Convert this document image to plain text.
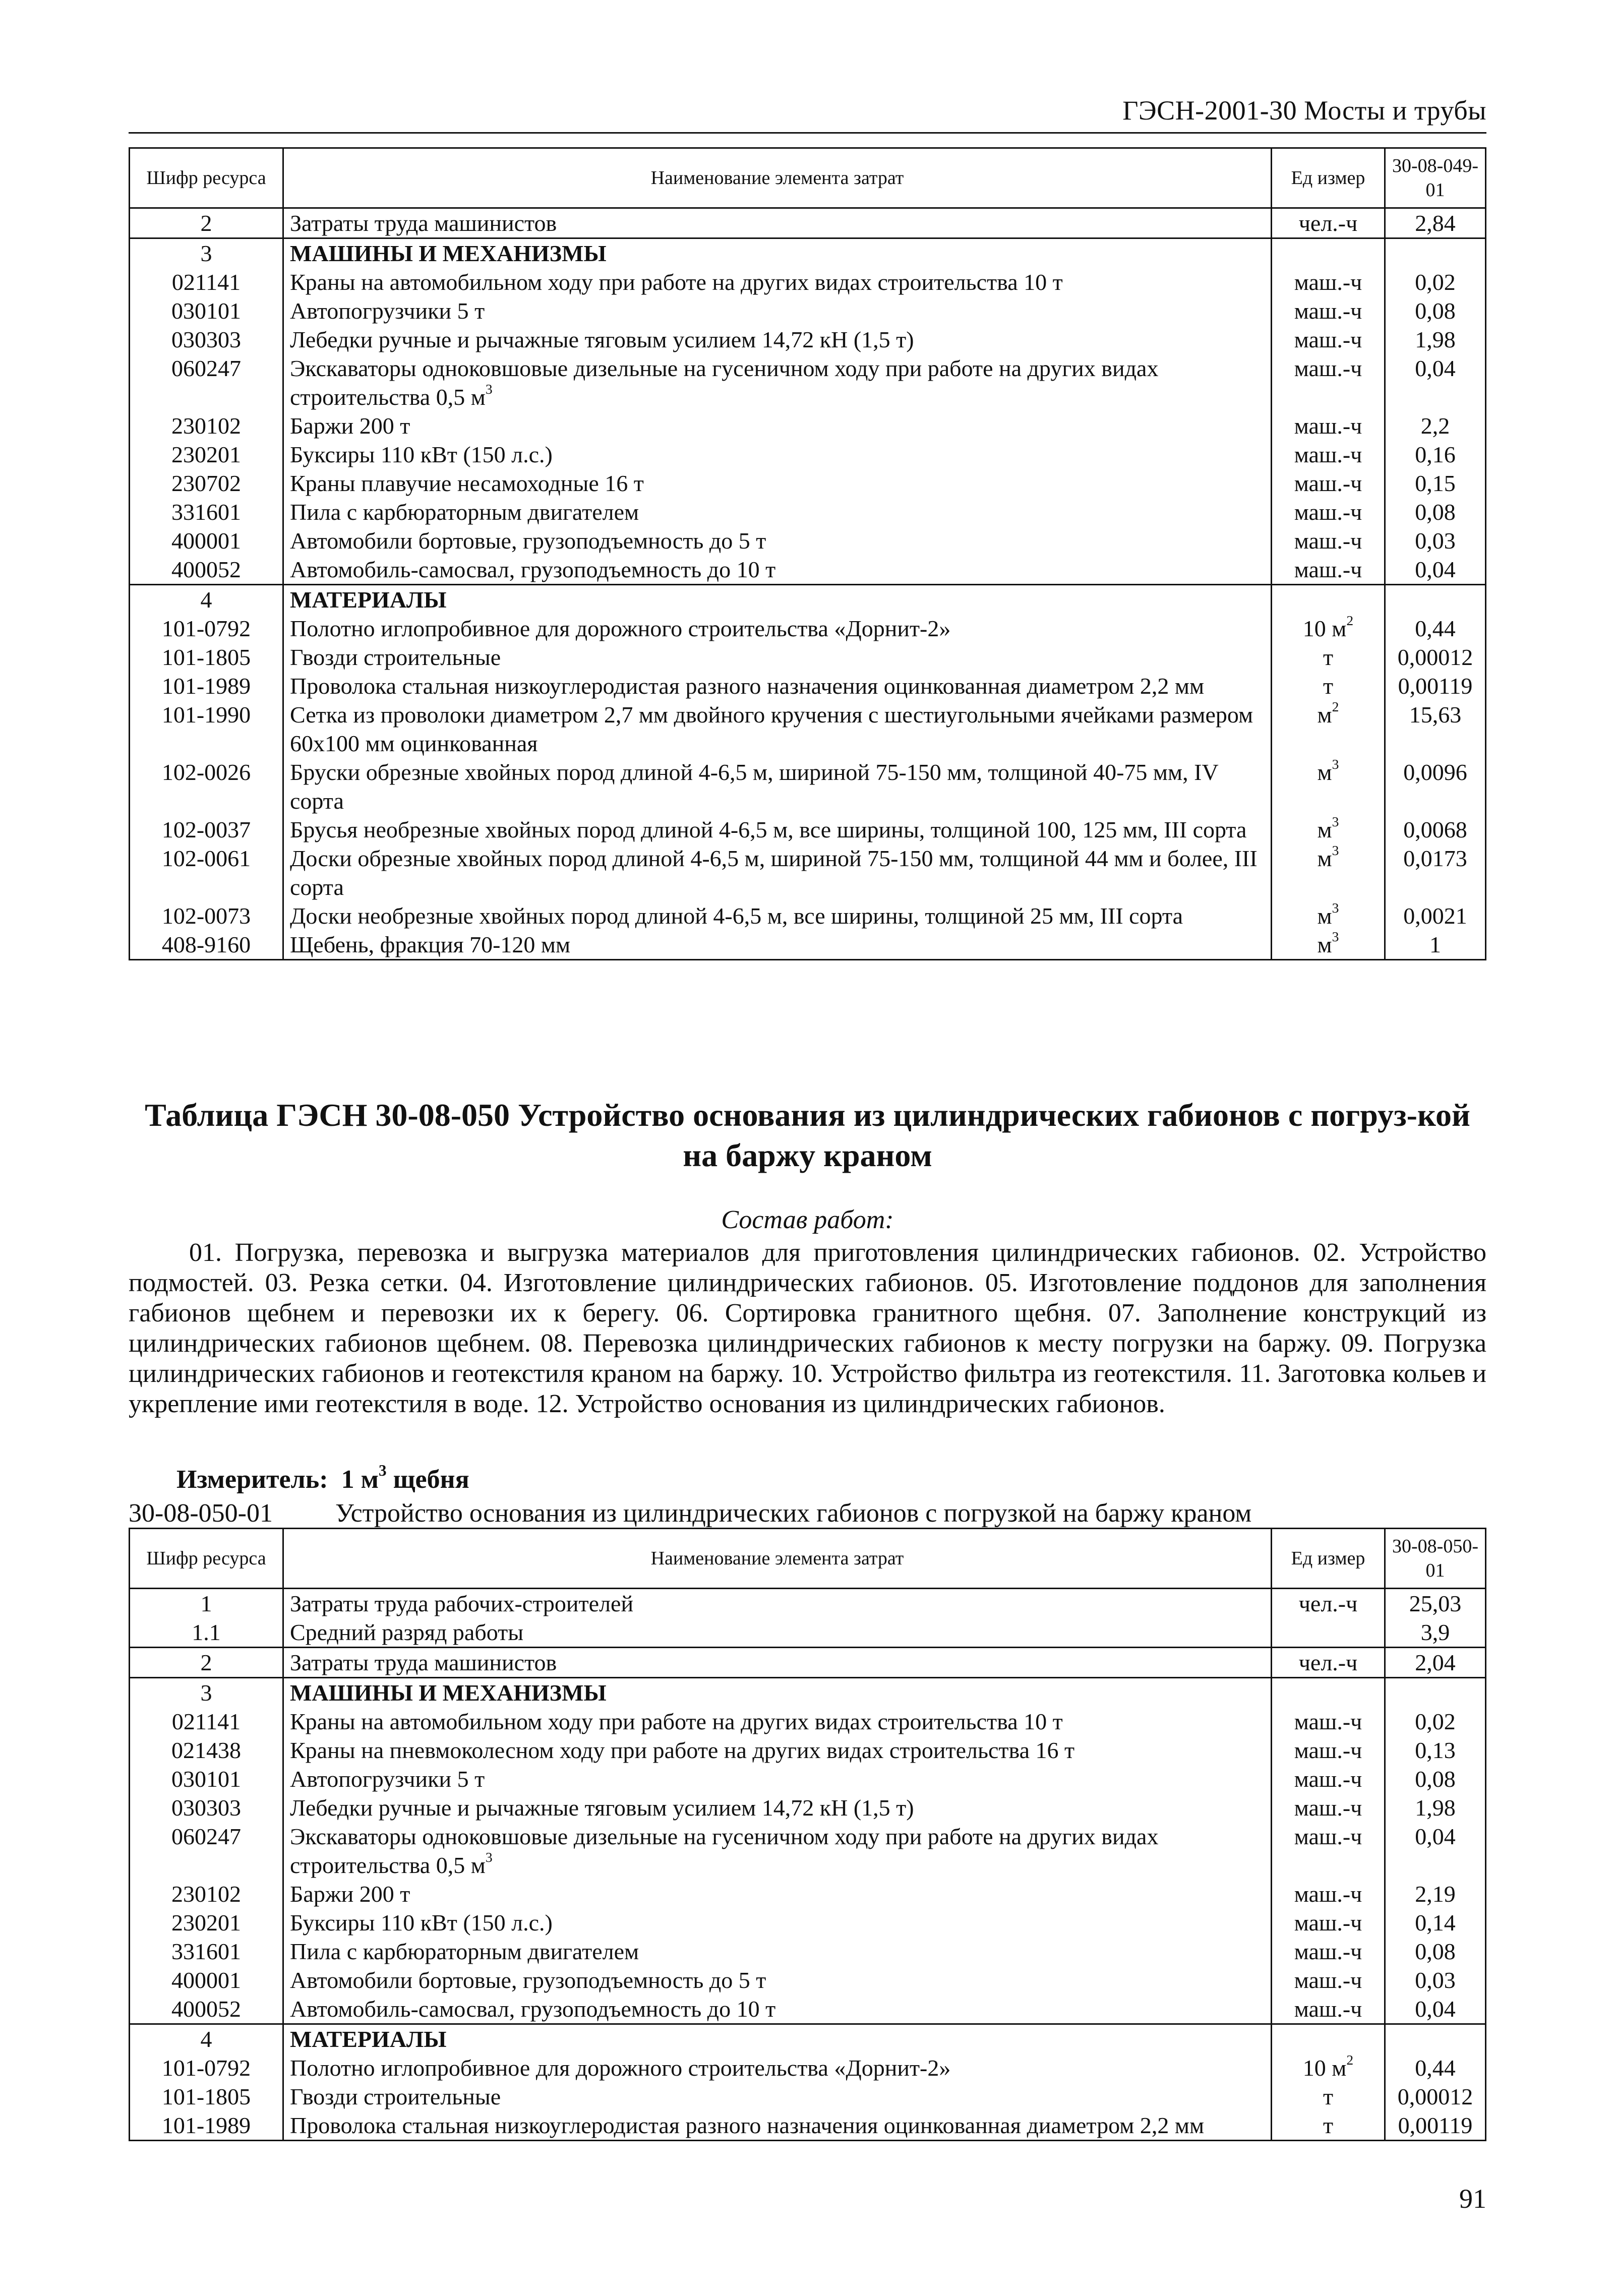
ГЭСН-2001-30 Мосты и трубы
Шифр ресурса	Наименование элемента затрат	Ед измер	30-08-049-01
2	Затраты труда машинистов	чел.-ч	2,84
3	МАШИНЫ И МЕХАНИЗМЫ		
021141	Краны на автомобильном ходу при работе на других видах строительства 10 т	маш.-ч	0,02
030101	Автопогрузчики 5 т	маш.-ч	0,08
030303	Лебедки ручные и рычажные тяговым усилием 14,72 кН (1,5 т)	маш.-ч	1,98
060247	Экскаваторы одноковшовые дизельные на гусеничном ходу при работе на других видах строительства 0,5 $м^3$	маш.-ч	0,04
230102	Баржи 200 т	маш.-ч	2,2
230201	Буксиры 110 кВт (150 л.с.)	маш.-ч	0,16
230702	Краны плавучие несамоходные 16 т	маш.-ч	0,15
331601	Пила с карбюраторным двигателем	маш.-ч	0,08
400001	Автомобили бортовые, грузоподъемность до 5 т	маш.-ч	0,03
400052	Автомобиль-самосвал, грузоподъемность до 10 т	маш.-ч	0,04
4	МАТЕРИАЛЫ		
101-0792	Полотно иглопробивное для дорожного строительства «Дорнит-2»	10 $м^2$	0,44
101-1805	Гвозди строительные	т	0,00012
101-1989	Проволока стальная низкоуглеродистая разного назначения оцинкованная диаметром 2,2 мм	т	0,00119
101-1990	Сетка из проволоки диаметром 2,7 мм двойного кручения с шестиугольными ячейками размером 60x100 мм оцинкованная	$м^2$	15,63
102-0026	Бруски обрезные хвойных пород длиной 4-6,5 м, шириной 75-150 мм, толщиной 40-75 мм, IV сорта	$м^3$	0,0096
102-0037	Брусья необрезные хвойных пород длиной 4-6,5 м, все ширины, толщиной 100, 125 мм, III сорта	$м^3$	0,0068
102-0061	Доски обрезные хвойных пород длиной 4-6,5 м, шириной 75-150 мм, толщиной 44 мм и более, III сорта	$м^3$	0,0173
102-0073	Доски необрезные хвойных пород длиной 4-6,5 м, все ширины, толщиной 25 мм, III сорта	$м^3$	0,0021
408-9160	Щебень, фракция 70-120 мм	$м^3$	1
Таблица ГЭСН 30-08-050 Устройство основания из цилиндрических габионов с погруз-кой на баржу краном
Состав работ:
01. Погрузка, перевозка и выгрузка материалов для приготовления цилиндрических габионов. 02. Устройство подмостей. 03. Резка сетки. 04. Изготовление цилиндрических габионов. 05. Изготовление поддонов для заполнения габионов щебнем и перевозки их к берегу. 06. Сортировка гранитного щебня. 07. Заполнение конструкций из цилиндрических габионов щебнем. 08. Перевозка цилиндрических габионов к месту погрузки на баржу. 09. Погрузка цилиндрических габионов и геотекстиля краном на баржу. 10. Устройство фильтра из геотекстиля. 11. Заготовка кольев и укрепление ими геотекстиля в воде. 12. Устройство основания из цилиндрических габионов.
Измеритель: 1 $м^3$ щебня
30-08-050-01 Устройство основания из цилиндрических габионов с погрузкой на баржу краном
Шифр ресурса	Наименование элемента затрат	Ед измер	30-08-050-01
1	Затраты труда рабочих-строителей	чел.-ч	25,03
1.1	Средний разряд работы		3,9
2	Затраты труда машинистов	чел.-ч	2,04
3	МАШИНЫ И МЕХАНИЗМЫ		
021141	Краны на автомобильном ходу при работе на других видах строительства 10 т	маш.-ч	0,02
021438	Краны на пневмоколесном ходу при работе на других видах строительства 16 т	маш.-ч	0,13
030101	Автопогрузчики 5 т	маш.-ч	0,08
030303	Лебедки ручные и рычажные тяговым усилием 14,72 кН (1,5 т)	маш.-ч	1,98
060247	Экскаваторы одноковшовые дизельные на гусеничном ходу при работе на других видах строительства 0,5 $м^3$	маш.-ч	0,04
230102	Баржи 200 т	маш.-ч	2,19
230201	Буксиры 110 кВт (150 л.с.)	маш.-ч	0,14
331601	Пила с карбюраторным двигателем	маш.-ч	0,08
400001	Автомобили бортовые, грузоподъемность до 5 т	маш.-ч	0,03
400052	Автомобиль-самосвал, грузоподъемность до 10 т	маш.-ч	0,04
4	МАТЕРИАЛЫ		
101-0792	Полотно иглопробивное для дорожного строительства «Дорнит-2»	10 $м^2$	0,44
101-1805	Гвозди строительные	т	0,00012
101-1989	Проволока стальная низкоуглеродистая разного назначения оцинкованная диаметром 2,2 мм	т	0,00119
91
